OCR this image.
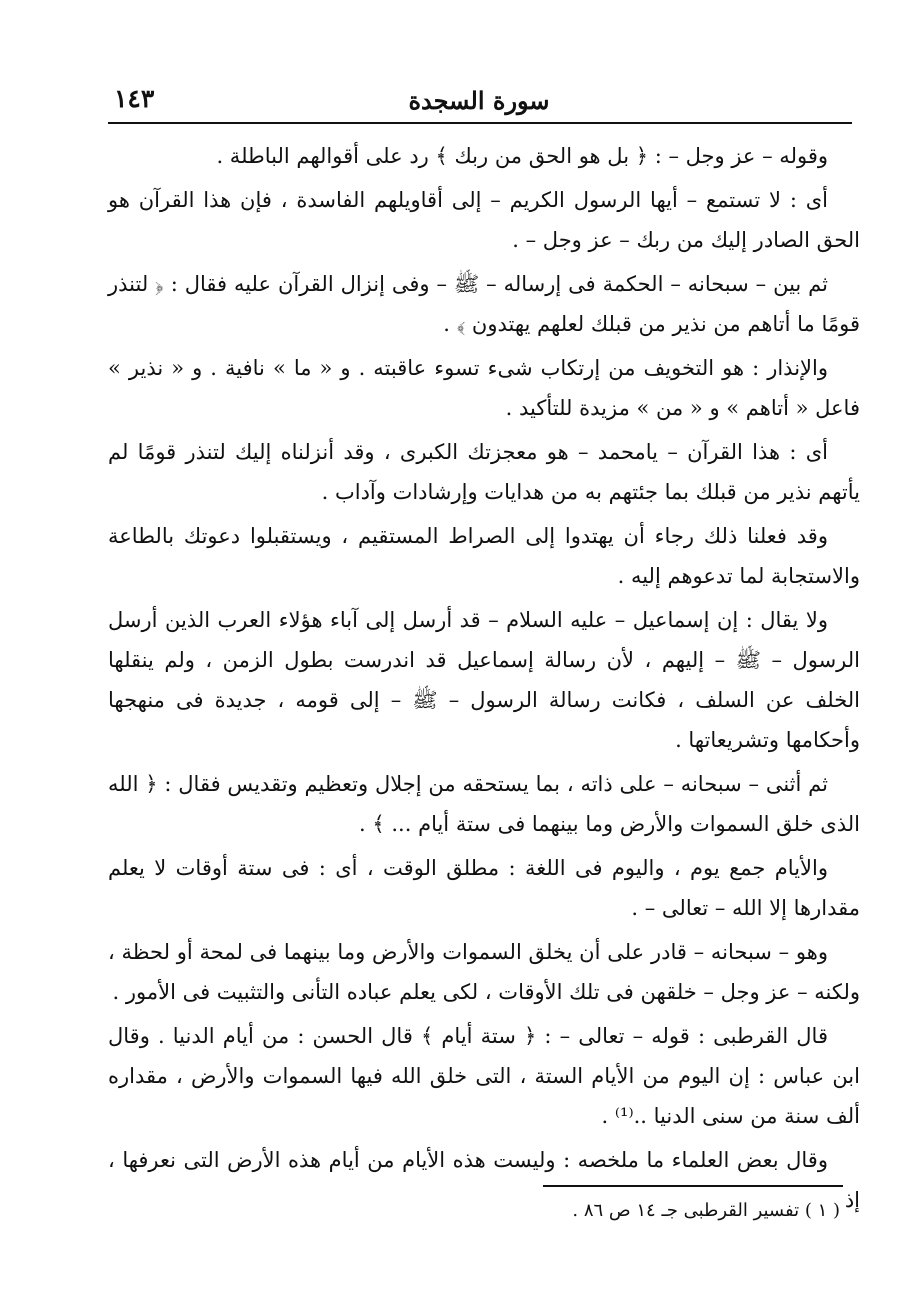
سورة السجدة
١٤٣

وقوله – عز وجل – : ﴿ بل هو الحق من ربك ﴾ رد على أقوالهم الباطلة .

أى : لا تستمع – أيها الرسول الكريم – إلى أقاويلهم الفاسدة ، فإن هذا القرآن هو الحق الصادر إليك من ربك – عز وجل – .

ثم بين – سبحانه – الحكمة فى إرساله – ﷺ – وفى إنزال القرآن عليه فقال : ﴿ لتنذر قومًا ما أتاهم من نذير من قبلك لعلهم يهتدون ﴾ .

والإنذار : هو التخويف من إرتكاب شىء تسوء عاقبته . و « ما » نافية . و « نذير » فاعل « أتاهم » و « من » مزيدة للتأكيد .

أى : هذا القرآن – يامحمد – هو معجزتك الكبرى ، وقد أنزلناه إليك لتنذر قومًا لم يأتهم نذير من قبلك بما جئتهم به من هدايات وإرشادات وآداب .

وقد فعلنا ذلك رجاء أن يهتدوا إلى الصراط المستقيم ، ويستقبلوا دعوتك بالطاعة والاستجابة لما تدعوهم إليه .

ولا يقال : إن إسماعيل – عليه السلام – قد أرسل إلى آباء هؤلاء العرب الذين أرسل الرسول – ﷺ – إليهم ، لأن رسالة إسماعيل قد اندرست بطول الزمن ، ولم ينقلها الخلف عن السلف ، فكانت رسالة الرسول – ﷺ – إلى قومه ، جديدة فى منهجها وأحكامها وتشريعاتها .

ثم أثنى – سبحانه – على ذاته ، بما يستحقه من إجلال وتعظيم وتقديس فقال : ﴿ الله الذى خلق السموات والأرض وما بينهما فى ستة أيام ... ﴾ .

والأيام جمع يوم ، واليوم فى اللغة : مطلق الوقت ، أى : فى ستة أوقات لا يعلم مقدارها إلا الله – تعالى – .

وهو – سبحانه – قادر على أن يخلق السموات والأرض وما بينهما فى لمحة أو لحظة ، ولكنه – عز وجل – خلقهن فى تلك الأوقات ، لكى يعلم عباده التأنى والتثبيت فى الأمور .

قال القرطبى : قوله – تعالى – : ﴿ ستة أيام ﴾ قال الحسن : من أيام الدنيا . وقال ابن عباس : إن اليوم من الأيام الستة ، التى خلق الله فيها السموات والأرض ، مقداره ألف سنة من سنى الدنيا ..⁽¹⁾ .

وقال بعض العلماء ما ملخصه : وليست هذه الأيام من أيام هذه الأرض التى نعرفها ، إذ

( ١ ) تفسير القرطبى جـ ١٤ ص ٨٦ .
